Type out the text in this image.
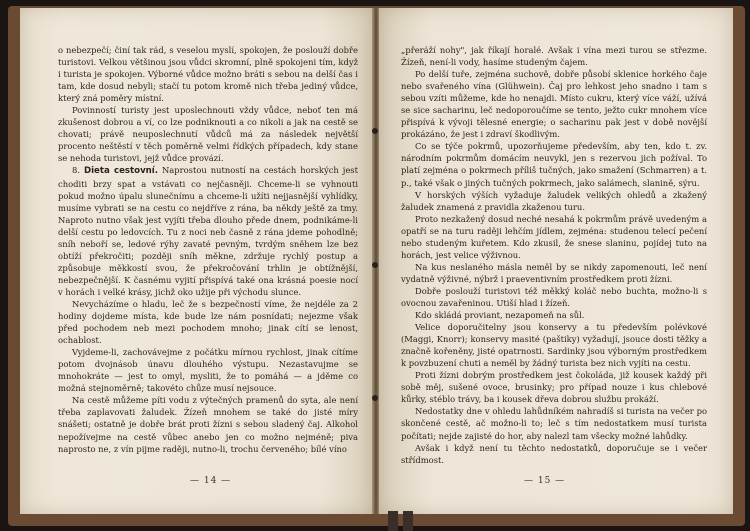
o nebezpečí; činí tak rád, s veselou myslí, spokojen, že poslouží dobře turistovi. Velkou většinou jsou vůdci skromní, plně spokojeni tím, když i turista je spokojen. Výborné vůdce možno bráti s sebou na delší čas i tam, kde dosud nebyli; stačí tu potom kromě nich třeba jediný vůdce, který zná poměry místní.

Povinností turisty jest uposlechnouti vždy vůdce, neboť ten má zkušenost dobrou a ví, co lze podniknouti a co nikoli a jak na cestě se chovati; právě neuposlechnutí vůdců má za následek největší procento neštěstí v těch poměrně velmi řídkých případech, kdy stane se nehoda turistovi, jejž vůdce provází.

8. Dieta cestovní. Naprostou nutností na cestách horských jest choditi brzy spat a vstávati co nejčasněji. Chceme-li se vyhnouti pokud možno úpalu slunečnímu a chceme-li užíti nejjasnější vyhlídky, musíme vybrati se na cestu co nejdříve z rána, ba někdy ještě za tmy. Naproto nutno však jest vyjíti třeba dlouho přede dnem, podnikáme-li delší cestu po ledovcích. Tu z noci neb časně z rána jdeme pohodlně; sníh neboří se, ledové rýhy zavaté pevným, tvrdým sněhem lze bez obtíží překročiti; později sníh měkne, zdržuje rychlý postup a způsobuje měkkostí svou, že překročování trhlin je obtížnější, nebezpečnější. K časnému vyjití přispívá také ona krásná poesie nocí v horách i velké krásy, jichž oko užije při východu slunce.

Nevycházíme o hladu, leč že s bezpečností víme, že nejdéle za 2 hodiny dojdeme místa, kde bude lze nám posnídati; nejezme však před pochodem neb mezi pochodem mnoho; jinak cítí se lenost, ochablost.

Vyjdeme-li, zachovávejme z počátku mírnou rychlost, jinak cítíme potom dvojnásob únavu dlouhého výstupu. Nezastavujme se mnohokráte — jest to omyl, mysliti, že to pomáhá — a jděme co možná stejnoměrně; takovéto chůze musí nejsouce.

Na cestě můžeme píti vodu z výtečných pramenů do syta, ale není třeba zaplavovati žaludek. Žízeň mnohem se také do jisté míry snášeti; ostatně je dobře brát proti žízni s sebou sladený čaj. Alkohol nepožívejme na cestě vůbec anebo jen co možno nejméně; piva naprosto ne, z vín pijme raději, nutno-li, trochu červeného; bílé víno

— 14 —

„přeráží nohy", jak říkají horalé. Avšak i vína mezi turou se střezme. Žízeň, není-li vody, hasíme studeným čajem.

Po delší tuře, zejména suchově, dobře působí sklenice horkého čaje nebo svařeného vína (Glühwein). Čaj pro lehkost jeho snadno i tam s sebou vzíti můžeme, kde ho nenajdi. Místo cukru, který více váží, užívá se sice sacharinu, leč nedoporoučíme se tento, ježto cukr mnohem více přispívá k vývoji tělesné energie; o sacharinu pak jest v době novější prokázáno, že jest i zdraví škodlivým.

Co se týče pokrmů, upozorňujeme především, aby ten, kdo t. zv. národním pokrmům domácím neuvykl, jen s rezervou jich požíval. To platí zejména o pokrmech příliš tučných, jako smažení (Schmarren) a t. p., také však o jiných tučných pokrmech, jako salámech, slanině, sýru.

V horských výších vyžaduje žaludek velikých ohledů a zkažený žaludek znamená z pravidla zkaženou turu.

Proto nezkažený dosud neché nesahá k pokrmům právě uvedeným a opatří se na turu raději lehčím jídlem, zejména: studenou telecí pečení nebo studeným kuřetem. Kdo zkusil, že snese slaninu, pojídej tuto na horách, jest velice výživnou.

Na kus neslaného másla neměl by se nikdy zapomenouti, leč není vydatně výživné, nýbrž i praeventivním prostředkem proti žízni.

Dobře poslouží turistovi též měkký koláč nebo buchta, možno-li s ovocnou zavařeninou. Utiší hlad i žízeň.

Kdo skládá proviant, nezapomeň na sůl.

Velice doporučitelny jsou konservy a tu především polévkové (Maggi, Knorr); konservy masité (paštiky) vyžadují, jsouce dosti těžky a značně kořeněny, jisté opatrnosti. Sardinky jsou výborným prostředkem k povzbuzení chuti a neměl by žádný turista bez nich vyjíti na cestu.

Proti žízni dobrým prostředkem jest čokoláda, již kousek každý při sobě měj, sušené ovoce, brusinky; pro případ nouze i kus chlebové kůrky, stéblo trávy, ba i kousek dřeva dobrou službu prokáží.

Nedostatky dne v ohledu lahůdníkém nahradíš si turista na večer po skončené cestě, ač možno-li to; leč s tím nedostatkem musí turista počítati; nejde zajisté do hor, aby nalezl tam všecky možné lahůdky.

Avšak i když není tu těchto nedostatků, doporučuje se i večer střídmost.

— 15 —
